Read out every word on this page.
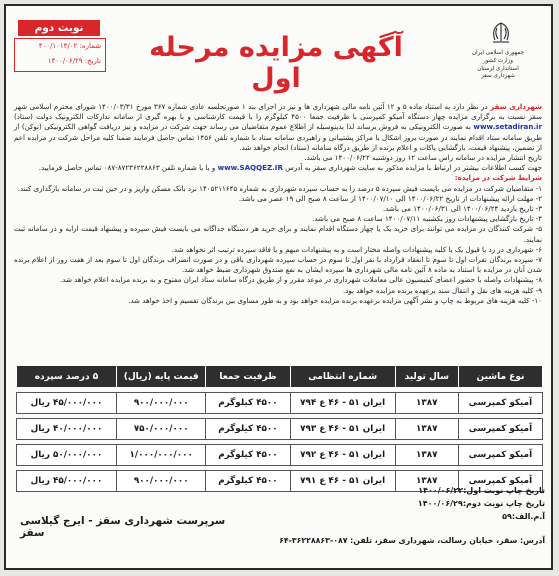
جمهوری اسلامی ایران
وزارت کشور
استانداری لرستان
شهرداری سقز
آگهی مزایده مرحله اول
نوبت دوم
شماره: ۴۰۰/۱۰۱۴/۰۲
تاریخ: ۱۴۰۰/۰۶/۲۹

شهرداری سقز در نظر دارد به استناد ماده ۵ و ۱۲ آئین نامه مالی شهرداری ها و نیز در اجرای بند ۱ صورتجلسه عادی شماره ۳۶۷ مورخ ۱۴۰۰/۰۳/۳۱ شورای محترم اسلامی شهر سقز نسبت به برگزاری مزایده چهار دستگاه آمیکو کمپرسی با ظرفیت جمعا ۴۵۰۰ کیلوگرم را با قیمت کارشناسی و با بهره گیری از سامانه تدارکات الکترونیک دولت (ستاد) www.setadiran.ir به صورت الکترونیکی به فروش برساند لذا بدینوسیله از اطلاع عموم متقاضیان می رساند جهت شرکت در مزایده و نیز دریافت گواهی الکترونیکی (توکن) از طریق سامانه ستاد اقدام نمایند در صورت بروز اشکال با مراکز پشتیبانی و راهبردی سامانه ستاد با شماره تلفن ۱۴۵۶ تماس حاصل فرمایند ضمنا کلیه مراحل شرکت در مزایده اعم از تضمین، پیشنهاد قیمت، بازگشایی پاکات و اعلام برنده از طریق درگاه سامانه (ستاد) انجام خواهد شد.

تاریخ انتشار مزایده در سامانه راس ساعت ۱۲ روز دوشنبه ۱۴۰۰/۰۶/۲۲ می باشد.

جهت کسب اطلاعات بیشتر در ارتباط با مزایده مذکور به سایت شهرداری سقز به آدرس www.SAQQEZ.IR و یا با شماره تلفن ۸۷۲۳۶۲۲۸۸۶۳-۰۸۷ تماس حاصل فرمایید.

شرایط شرکت در مزایده:

۱- متقاضیان شرکت در مزایده می بایست فیش سپرده ۵ درصد را به حساب سپرده شهرداری به شماره ۱۴۰۵۲۱۱۶۴۵ نزد بانک مسکن واریز و در حین ثبت در سامانه بارگذاری کنند.

۲- مهلت ارائه پیشنهادات از تاریخ ۱۴۰۰/۰۶/۲۲ الی ۱۴۰۰/۰۷/۱۰ از ساعت ۸ صبح الی ۱۹ عصر می باشد.

۳- تاریخ بازدید ۱۴۰۰/۰۶/۲۴ الی ۱۴۰۰/۰۶/۳۱ می باشد.

۴- تاریخ بازگشایی پیشنهادات روز یکشنبه ۱۴۰۰/۰۷/۱۱ ساعت ۸ صبح می باشد.

۵- شرکت کنندگان در مزایده می توانند برای خرید یک یا چهار دستگاه اقدام نمایند و برای خرید هر دستگاه جداگانه می بایست فیش سپرده و پیشنهاد قیمت ارایه و در سامانه ثبت نمایند.

۶- شهرداری در رد یا قبول یک یا کلیه پیشنهادات واصله مختار است و به پیشنهادات مبهم و یا فاقد سپرده ترتیب اثر نخواهد شد.

۷- سپرده برندگان نفرات اول تا سوم تا انعقاد قرارداد با نفر اول تا سوم در حساب سپرده شهرداری باقی و در صورت انصراف برندگان اول تا سوم بعد از هفت روز از اعلام برنده شدن آنان در مزایده با استناد به ماده ۸ آئین نامه مالی شهرداری ها سپرده ایشان به نفع صندوق شهرداری ضبط خواهد شد.

۸- پیشنهادات واصله با حضور اعضای کمیسیون عالی معاملات شهرداری در موعد مقرر و از طریق درگاه سامانه ستاد ایران مفتوح و به برنده مزایده اعلام خواهد شد.

۹- کلیه هزینه های نقل و انتقال سند برعهده برنده مزایده خواهد بود.

۱۰- کلیه هزینه های مربوط به چاپ و نشر آگهی مزایده برعهده برنده مزایده خواهد بود و به طور مساوی بین برندگان تقسیم و اخذ خواهد شد.

نوع ماشین	سال تولید	شماره انتظامی	ظرفیت جمعا	قیمت پایه (ریال)	۵ درصد سپرده

آمیکو کمپرسی	۱۳۸۷	ایران ۵۱ - ۴۶ ع ۷۹۴	۴۵۰۰ کیلوگرم	۹۰۰/۰۰۰/۰۰۰	۴۵/۰۰۰/۰۰۰ ریال

آمیکو کمپرسی	۱۳۸۷	ایران ۵۱ - ۴۶ ع ۷۹۳	۴۵۰۰ کیلوگرم	۷۵۰/۰۰۰/۰۰۰	۴۰/۰۰۰/۰۰۰ ریال

آمیکو کمپرسی	۱۳۸۷	ایران ۵۱ - ۴۶ ع ۷۹۲	۴۵۰۰ کیلوگرم	۱/۰۰۰/۰۰۰/۰۰۰	۵۰/۰۰۰/۰۰۰ ریال

آمیکو کمپرسی	۱۳۸۷	ایران ۵۱ - ۴۶ ع ۷۹۱	۴۵۰۰ کیلوگرم	۹۰۰/۰۰۰/۰۰۰	۴۵/۰۰۰/۰۰۰ ریال
تاریخ چاپ نوبت اول:۱۴۰۰/۰۶/۲۲
تاریخ چاپ نوبت دوم:۱۴۰۰/۰۶/۲۹
آ.م.الف:۵۹
سرپرست شهرداری سقز - ایرج گیلاسی سقز
آدرس: سقز، خیابان رسالت، شهرداری سقز، تلفن: ۰۸۷-۳۶۲۲۸۸۶۳-۶۴
